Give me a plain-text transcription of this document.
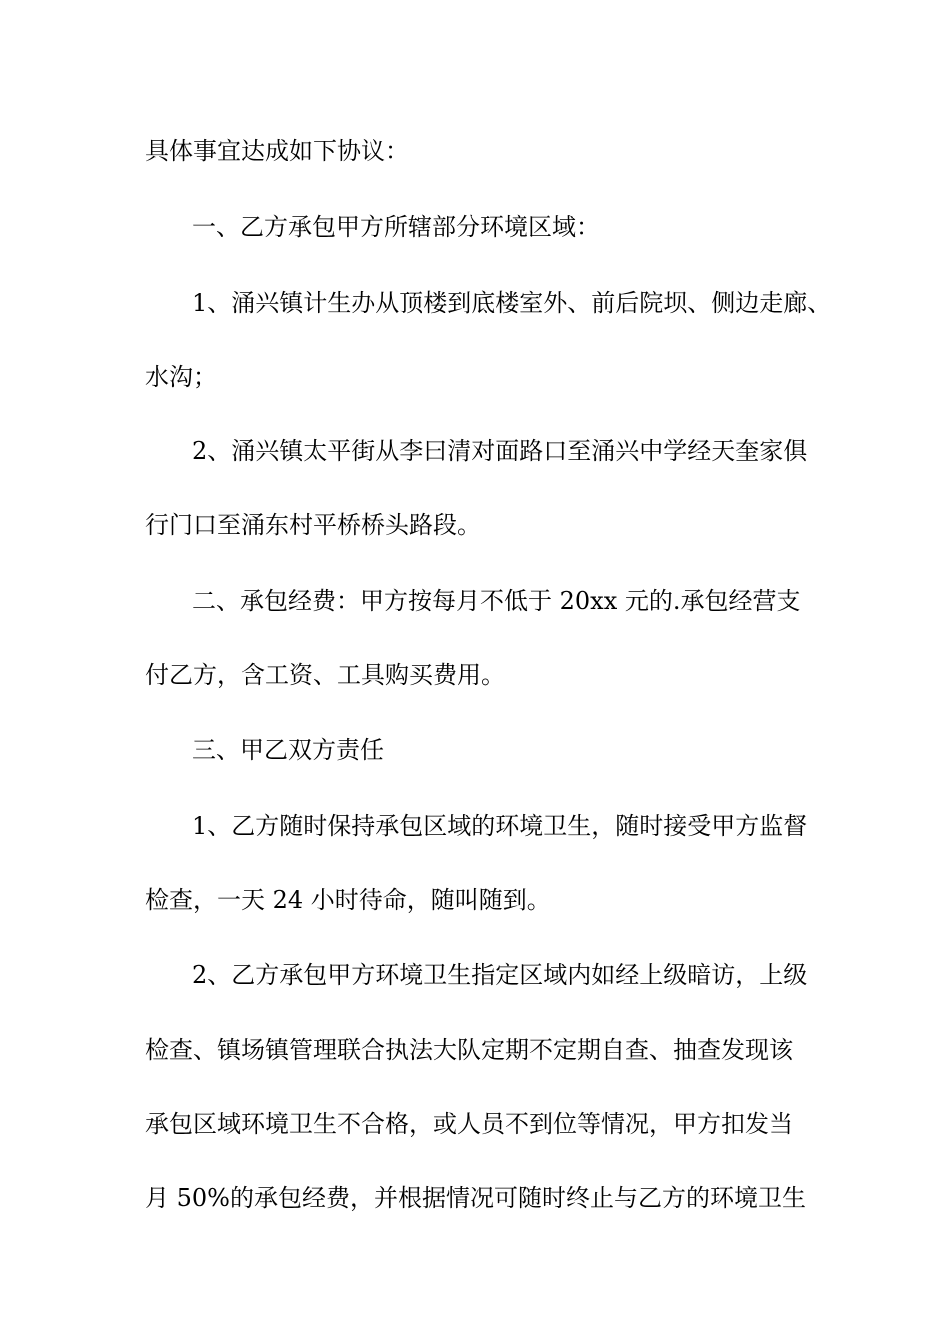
具体事宜达成如下协议：
一、乙方承包甲方所辖部分环境区域：
1、涌兴镇计生办从顶楼到底楼室外、前后院坝、侧边走廊、
水沟；
2、涌兴镇太平街从李曰清对面路口至涌兴中学经天奎家俱
行门口至涌东村平桥桥头路段。
二、承包经费：甲方按每月不低于 20xx 元的.承包经营支
付乙方，含工资、工具购买费用。
三、甲乙双方责任
1、乙方随时保持承包区域的环境卫生，随时接受甲方监督
检查，一天 24 小时待命，随叫随到。
2、乙方承包甲方环境卫生指定区域内如经上级暗访，上级
检查、镇场镇管理联合执法大队定期不定期自查、抽查发现该
承包区域环境卫生不合格，或人员不到位等情况，甲方扣发当
月 50%的承包经费，并根据情况可随时终止与乙方的环境卫生
